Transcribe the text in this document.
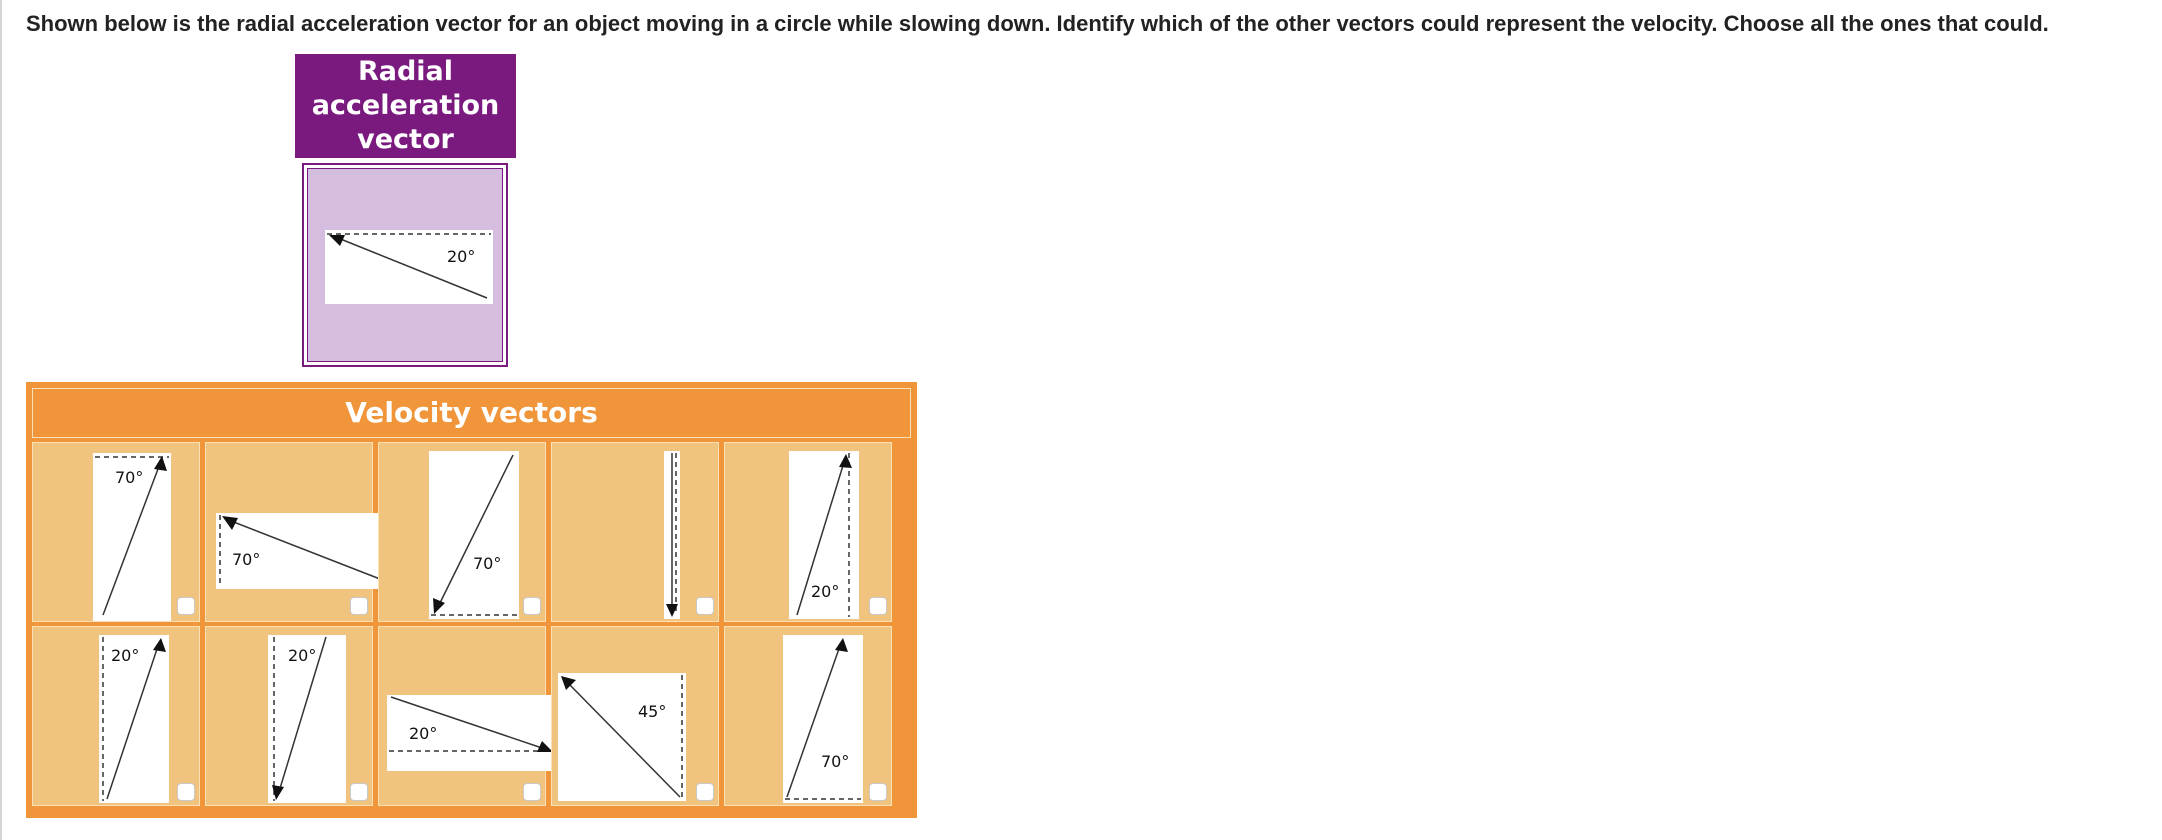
Shown below is the radial acceleration vector for an object moving in a circle while slowing down. Identify which of the other vectors could represent the velocity. Choose all the ones that could.
Radial
acceleration
vector
20°
Velocity vectors
70°
70°	70°
20°
20°	20°
20°
45°
70°
